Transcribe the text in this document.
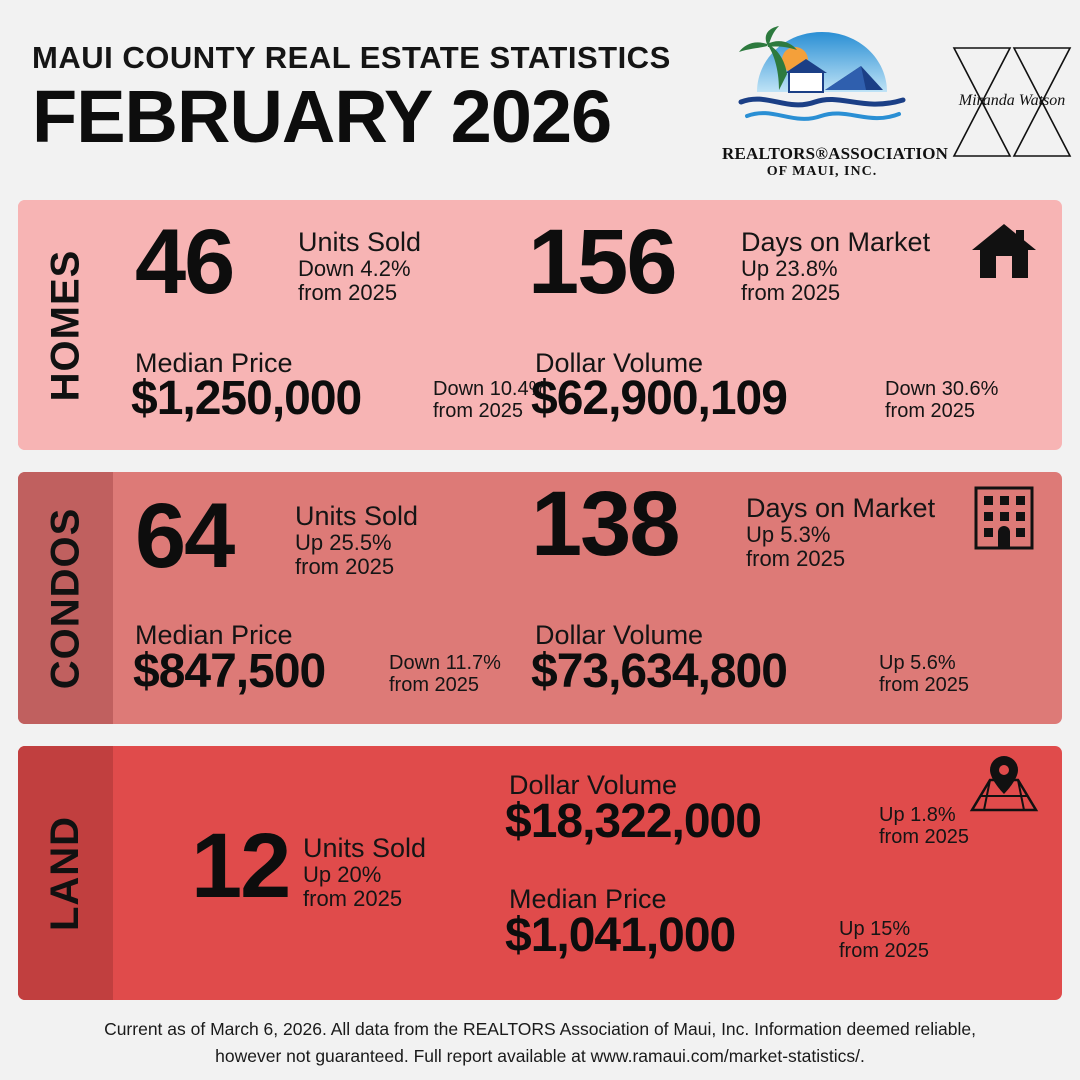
MAUI COUNTY REAL ESTATE STATISTICS
FEBRUARY 2026	REALTORS®ASSOCIATION
OF MAUI, INC.
Miranda Watson
HOMES 46 Units Sold
Down 4.2%
from 2025 156 Days on Market
Up 23.8%
from 2025
Median Price
$1,250,000	Down 10.4%
from 2025
Dollar Volume
$62,900,109	Down 30.6%
from 2025
CONDOS 64 Units Sold
Up 25.5%
from 2025 138	Days on Market
Up 5.3%
from 2025
Median Price
$847,500	Down 11.7%
from 2025
Dollar Volume
$73,634,800	Up 5.6%
from 2025
LAND 12 Units Sold
Up 20%
from 2025
Dollar Volume
$18,322,000	Up 1.8%
from 2025
Median Price
$1,041,000	Up 15%
from 2025
Current as of March 6, 2026. All data from the REALTORS Association of Maui, Inc. Information deemed reliable,
however not guaranteed. Full report available at www.ramaui.com/market-statistics/.
